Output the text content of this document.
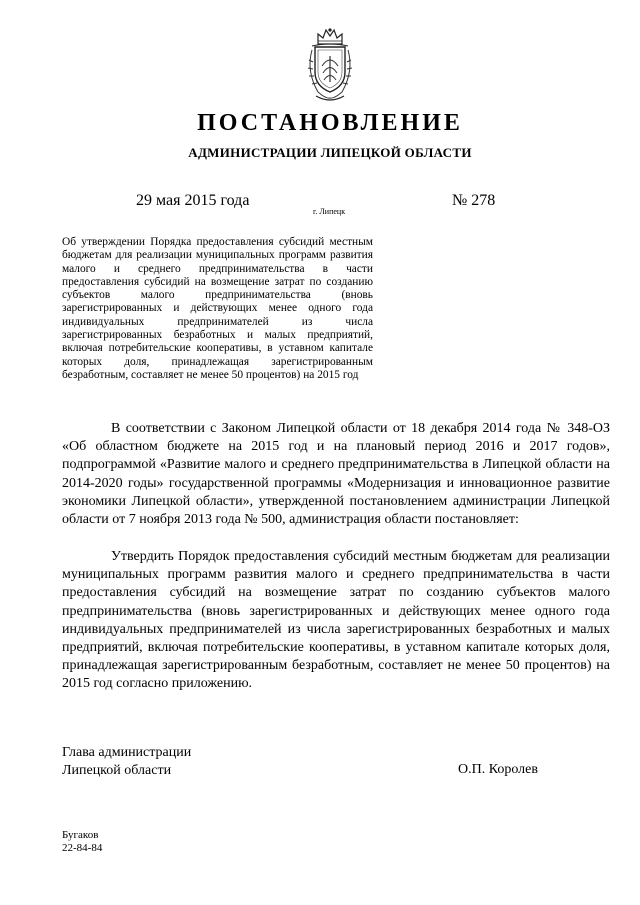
ПОСТАНОВЛЕНИЕ
АДМИНИСТРАЦИИ ЛИПЕЦКОЙ ОБЛАСТИ
29 мая 2015 года
г. Липецк
№ 278
Об утверждении Порядка предоставления субсидий местным бюджетам для реализации муниципальных программ развития малого и среднего предпринимательства в части предоставления субсидий на возмещение затрат по созданию субъектов малого предпринимательства (вновь зарегистрированных и действующих менее одного года индивидуальных предпринимателей из числа зарегистрированных безработных и малых предприятий, включая потребительские кооперативы, в уставном капитале которых доля, принадлежащая зарегистрированным безработным, составляет не менее 50 процентов) на 2015 год
В соответствии с Законом Липецкой области от 18 декабря 2014 года № 348-ОЗ «Об областном бюджете на 2015 год и на плановый период 2016 и 2017 годов», подпрограммой «Развитие малого и среднего предпринимательства в Липецкой области на 2014-2020 годы» государственной программы «Модернизация и инновационное развитие экономики Липецкой области», утвержденной постановлением администрации Липецкой области от 7 ноября 2013 года № 500, администрация области постановляет:
Утвердить Порядок предоставления субсидий местным бюджетам для реализации муниципальных программ развития малого и среднего предпринимательства в части предоставления субсидий на возмещение затрат по созданию субъектов малого предпринимательства (вновь зарегистрированных и действующих менее одного года индивидуальных предпринимателей из числа зарегистрированных безработных и малых предприятий, включая потребительские кооперативы, в уставном капитале которых доля, принадлежащая зарегистрированным безработным, составляет не менее 50 процентов) на 2015 год согласно приложению.
Глава администрации
Липецкой области	О.П. Королев
Бугаков
22-84-84
